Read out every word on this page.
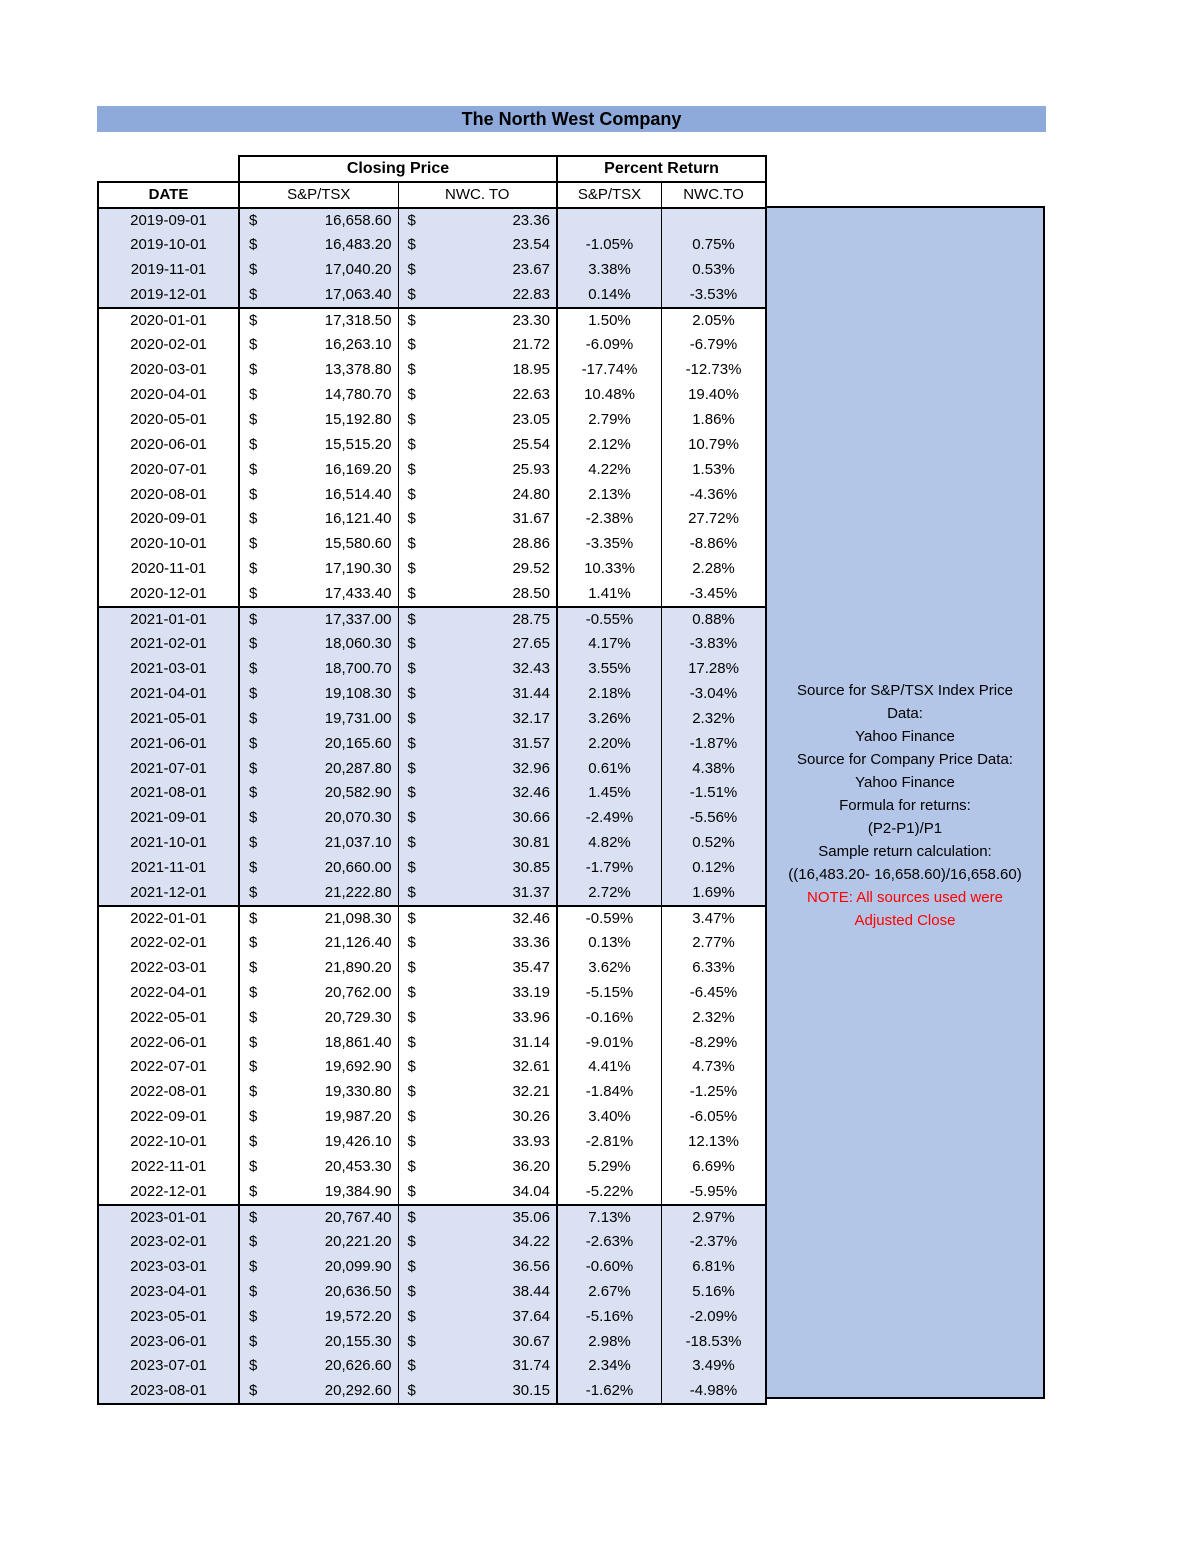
The North West Company
	Closing Price		Percent Return	
DATE	S&P/TSX	NWC. TO	S&P/TSX	NWC.TO
2019-09-01	$ 16,658.60	$ 23.36		

2019-10-01	$ 16,483.20	$ 23.54	-1.05%	0.75%
2019-11-01	$ 17,040.20	$ 23.67	3.38%	0.53%
2019-12-01	$ 17,063.40	$ 22.83	0.14%	-3.53%
2020-01-01	$ 17,318.50	$ 23.30	1.50%	2.05%
2020-02-01	$ 16,263.10	$ 21.72	-6.09%	-6.79%
2020-03-01	$ 13,378.80	$ 18.95	-17.74%	-12.73%
2020-04-01	$ 14,780.70	$ 22.63	10.48%	19.40%
2020-05-01	$ 15,192.80	$ 23.05	2.79%	1.86%
2020-06-01	$ 15,515.20	$ 25.54	2.12%	10.79%
2020-07-01	$ 16,169.20	$ 25.93	4.22%	1.53%
2020-08-01	$ 16,514.40	$ 24.80	2.13%	-4.36%
2020-09-01	$ 16,121.40	$ 31.67	-2.38%	27.72%
2020-10-01	$ 15,580.60	$ 28.86	-3.35%	-8.86%
2020-11-01	$ 17,190.30	$ 29.52	10.33%	2.28%
2020-12-01	$ 17,433.40	$ 28.50	1.41%	-3.45%
2021-01-01	$ 17,337.00	$ 28.75	-0.55%	0.88%
2021-02-01	$ 18,060.30	$ 27.65	4.17%	-3.83%
2021-03-01	$ 18,700.70	$ 32.43	3.55%	17.28%
2021-04-01	$ 19,108.30	$ 31.44	2.18%	-3.04%
2021-05-01	$ 19,731.00	$ 32.17	3.26%	2.32%
2021-06-01	$ 20,165.60	$ 31.57	2.20%	-1.87%
2021-07-01	$ 20,287.80	$ 32.96	0.61%	4.38%
2021-08-01	$ 20,582.90	$ 32.46	1.45%	-1.51%
2021-09-01	$ 20,070.30	$ 30.66	-2.49%	-5.56%
2021-10-01	$ 21,037.10	$ 30.81	4.82%	0.52%
2021-11-01	$ 20,660.00	$ 30.85	-1.79%	0.12%
2021-12-01	$ 21,222.80	$ 31.37	2.72%	1.69%
2022-01-01	$ 21,098.30	$ 32.46	-0.59%	3.47%
2022-02-01	$ 21,126.40	$ 33.36	0.13%	2.77%
2022-03-01	$ 21,890.20	$ 35.47	3.62%	6.33%
2022-04-01	$ 20,762.00	$ 33.19	-5.15%	-6.45%
2022-05-01	$ 20,729.30	$ 33.96	-0.16%	2.32%
2022-06-01	$ 18,861.40	$ 31.14	-9.01%	-8.29%
2022-07-01	$ 19,692.90	$ 32.61	4.41%	4.73%
2022-08-01	$ 19,330.80	$ 32.21	-1.84%	-1.25%
2022-09-01	$ 19,987.20	$ 30.26	3.40%	-6.05%
2022-10-01	$ 19,426.10	$ 33.93	-2.81%	12.13%
2022-11-01	$ 20,453.30	$ 36.20	5.29%	6.69%
2022-12-01	$ 19,384.90	$ 34.04	-5.22%	-5.95%
2023-01-01	$ 20,767.40	$ 35.06	7.13%	2.97%
2023-02-01	$ 20,221.20	$ 34.22	-2.63%	-2.37%
2023-03-01	$ 20,099.90	$ 36.56	-0.60%	6.81%
2023-04-01	$ 20,636.50	$ 38.44	2.67%	5.16%
2023-05-01	$ 19,572.20	$ 37.64	-5.16%	-2.09%
2023-06-01	$ 20,155.30	$ 30.67	2.98%	-18.53%
2023-07-01	$ 20,626.60	$ 31.74	2.34%	3.49%
2023-08-01	$ 20,292.60	$ 30.15	-1.62%	-4.98%
Source for S&P/TSX Index Price
Data:
Yahoo Finance
Source for Company Price Data:
Yahoo Finance
Formula for returns:
(P2-P1)/P1
Sample return calculation:
((16,483.20- 16,658.60)/16,658.60)
NOTE: All sources used were
Adjusted Close
